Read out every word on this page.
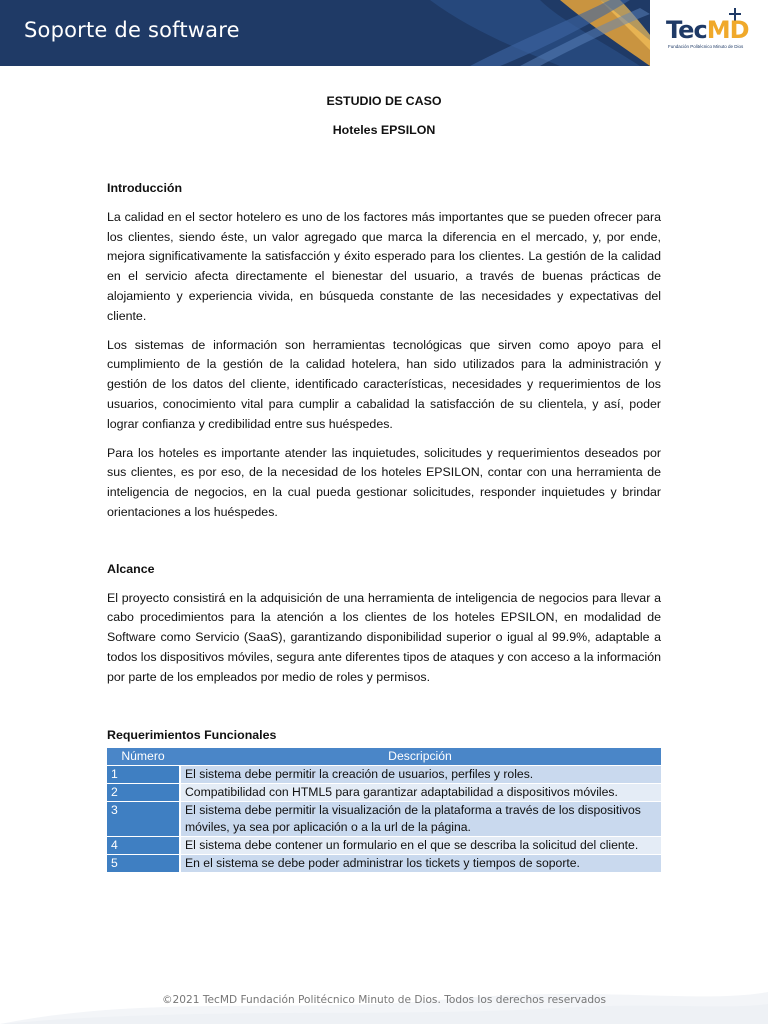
Soporte de software	TecMD
Fundación Politécnico Minuto de Dios
ESTUDIO DE CASO
Hoteles EPSILON
Introducción

La calidad en el sector hotelero es uno de los factores más importantes que se pueden ofrecer para los clientes, siendo éste, un valor agregado que marca la diferencia en el mercado, y, por ende, mejora significativamente la satisfacción y éxito esperado para los clientes. La gestión de la calidad en el servicio afecta directamente el bienestar del usuario, a través de buenas prácticas de alojamiento y experiencia vivida, en búsqueda constante de las necesidades y expectativas del cliente.

Los sistemas de información son herramientas tecnológicas que sirven como apoyo para el cumplimiento de la gestión de la calidad hotelera, han sido utilizados para la administración y gestión de los datos del cliente, identificado características, necesidades y requerimientos de los usuarios, conocimiento vital para cumplir a cabalidad la satisfacción de su clientela, y así, poder lograr confianza y credibilidad entre sus huéspedes.

Para los hoteles es importante atender las inquietudes, solicitudes y requerimientos deseados por sus clientes, es por eso, de la necesidad de los hoteles EPSILON, contar con una herramienta de inteligencia de negocios, en la cual pueda gestionar solicitudes, responder inquietudes y brindar orientaciones a los huéspedes.

Alcance

El proyecto consistirá en la adquisición de una herramienta de inteligencia de negocios para llevar a cabo procedimientos para la atención a los clientes de los hoteles EPSILON, en modalidad de Software como Servicio (SaaS), garantizando disponibilidad superior o igual al 99.9%, adaptable a todos los dispositivos móviles, segura ante diferentes tipos de ataques y con acceso a la información por parte de los empleados por medio de roles y permisos.

Requerimientos Funcionales
Número	Descripción
1	El sistema debe permitir la creación de usuarios, perfiles y roles.
2	Compatibilidad con HTML5 para garantizar adaptabilidad a dispositivos móviles.
3	El sistema debe permitir la visualización de la plataforma a través de los dispositivos móviles, ya sea por aplicación o a la url de la página.
4	El sistema debe contener un formulario en el que se describa la solicitud del cliente.
5	En el sistema se debe poder administrar los tickets y tiempos de soporte.
©2021 TecMD Fundación Politécnico Minuto de Dios. Todos los derechos reservados
